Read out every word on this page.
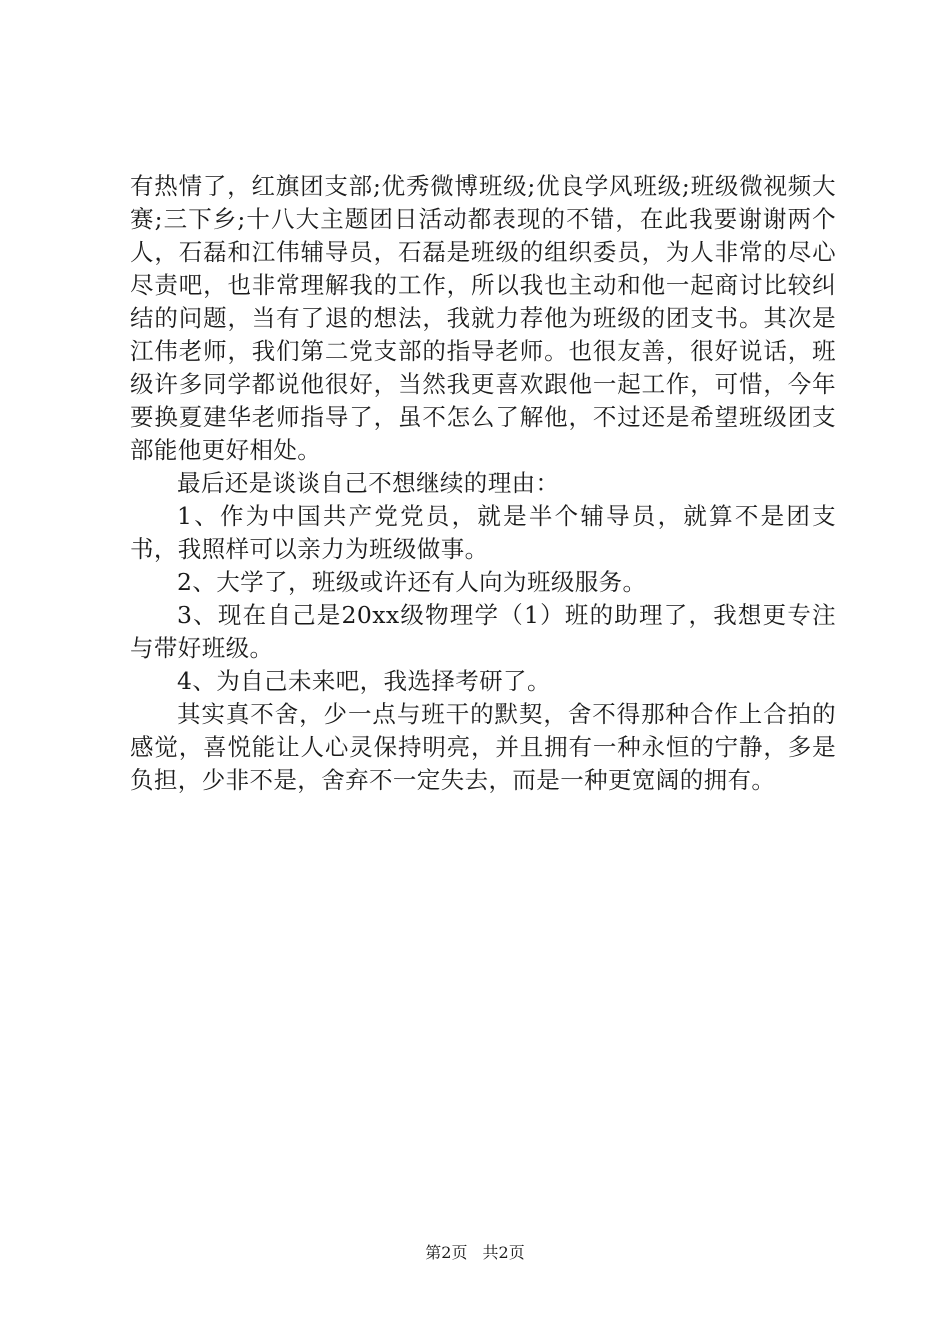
有热情了，红旗团支部;优秀微博班级;优良学风班级;班级微视频大赛;三下乡;十八大主题团日活动都表现的不错，在此我要谢谢两个人，石磊和江伟辅导员，石磊是班级的组织委员，为人非常的尽心尽责吧，也非常理解我的工作，所以我也主动和他一起商讨比较纠结的问题，当有了退的想法，我就力荐他为班级的团支书。其次是江伟老师，我们第二党支部的指导老师。也很友善，很好说话，班级许多同学都说他很好，当然我更喜欢跟他一起工作，可惜，今年要换夏建华老师指导了，虽不怎么了解他，不过还是希望班级团支部能他更好相处。

最后还是谈谈自己不想继续的理由：

1、作为中国共产党党员，就是半个辅导员，就算不是团支书，我照样可以亲力为班级做事。

2、大学了，班级或许还有人向为班级服务。

3、现在自己是20xx级物理学（1）班的助理了，我想更专注与带好班级。

4、为自己未来吧，我选择考研了。

其实真不舍，少一点与班干的默契，舍不得那种合作上合拍的感觉，喜悦能让人心灵保持明亮，并且拥有一种永恒的宁静，多是负担，少非不是，舍弃不一定失去，而是一种更宽阔的拥有。

第2页 共2页
